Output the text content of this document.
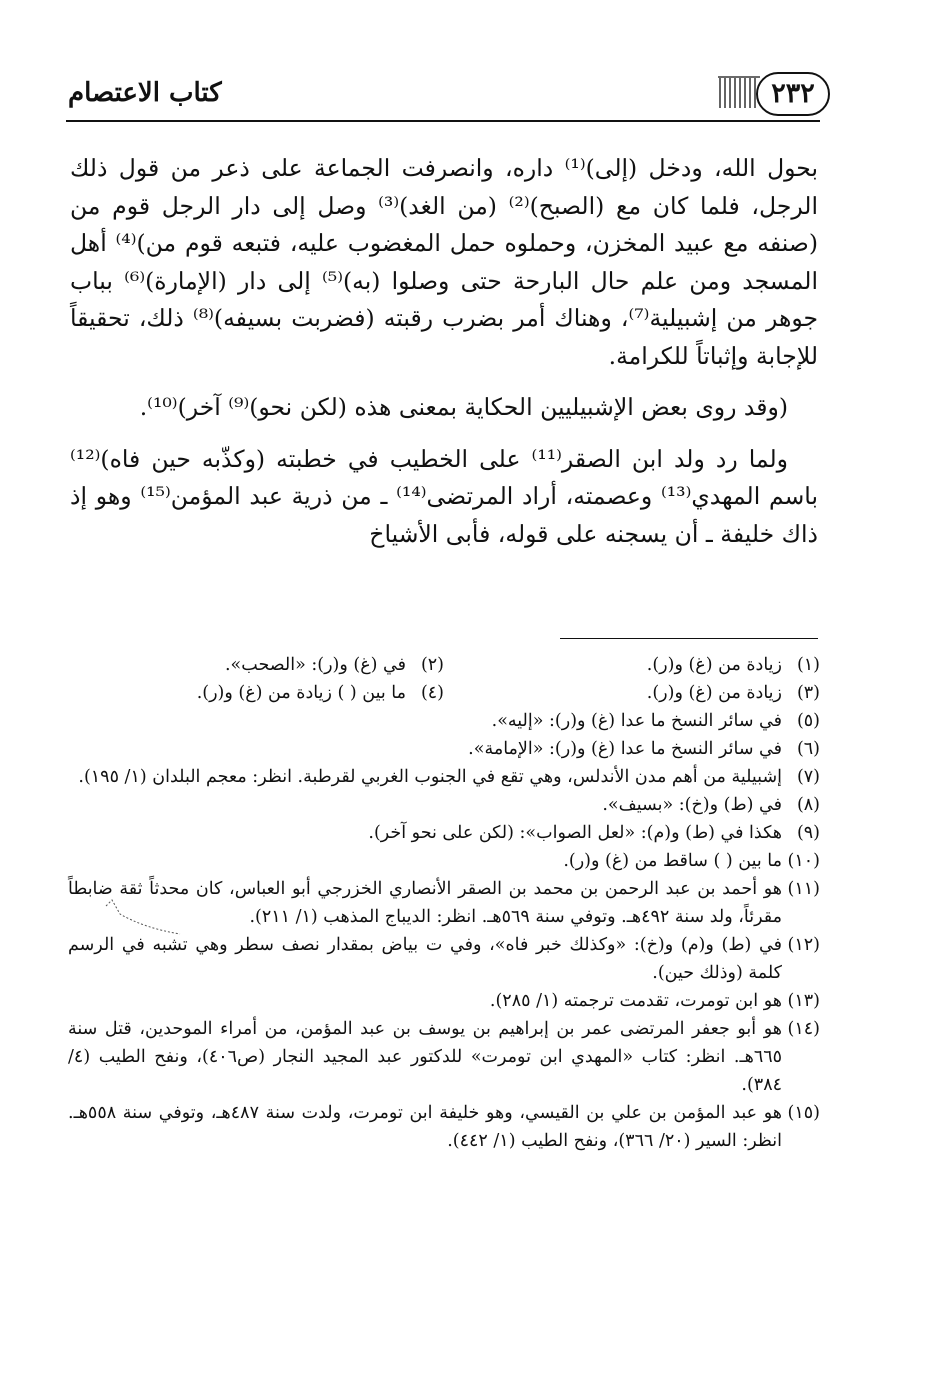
كتاب الاعتصام	٢٣٢

بحول الله، ودخل (إلى)⁽¹⁾ داره، وانصرفت الجماعة على ذعر من قول ذلك الرجل، فلما كان مع (الصبح)⁽²⁾ (من الغد)⁽³⁾ وصل إلى دار الرجل قوم من (صنفه مع عبيد المخزن، وحملوه حمل المغضوب عليه، فتبعه قوم من)⁽⁴⁾ أهل المسجد ومن علم حال البارحة حتى وصلوا (به)⁽⁵⁾ إلى دار (الإمارة)⁽⁶⁾ بباب جوهر من إشبيلية⁽⁷⁾، وهناك أمر بضرب رقبته (فضربت بسيفه)⁽⁸⁾ ذلك، تحقيقاً للإجابة وإثباتاً للكرامة.

(وقد روى بعض الإشبيليين الحكاية بمعنى هذه (لكن نحو)⁽⁹⁾ آخر)⁽¹⁰⁾.

ولما رد ولد ابن الصقر⁽¹¹⁾ على الخطيب في خطبته (وكذّبه حين فاه)⁽¹²⁾ باسم المهدي⁽¹³⁾ وعصمته، أراد المرتضى⁽¹⁴⁾ ـ من ذرية عبد المؤمن⁽¹⁵⁾ وهو إذ ذاك خليفة ـ أن يسجنه على قوله، فأبى الأشياخ

(١)
زيادة من (غ) و(ر).
(٢)
في (غ) و(ر): «الصحب».
(٣)
زيادة من (غ) و(ر).
(٤)
ما بين ( ) زيادة من (غ) و(ر).
(٥)
في سائر النسخ ما عدا (غ) و(ر): «إليه».
(٦)
في سائر النسخ ما عدا (غ) و(ر): «الإمامة».
(٧)
إشبيلية من أهم مدن الأندلس، وهي تقع في الجنوب الغربي لقرطبة. انظر: معجم البلدان (١/ ١٩٥).
(٨)
في (ط) و(خ): «بسيف».
(٩)
هكذا في (ط) و(م): «لعل الصواب»: (لكن على نحو آخر).
(١٠)
ما بين ( ) ساقط من (غ) و(ر).
(١١)
هو أحمد بن عبد الرحمن بن محمد بن الصقر الأنصاري الخزرجي أبو العباس، كان محدثاً ثقة ضابطاً مقرئاً، ولد سنة ٤٩٢هـ. وتوفي سنة ٥٦٩هـ. انظر: الديباج المذهب (١/ ٢١١).
(١٢)
في (ط) و(م) و(خ): «وكذلك خبر فاه»، وفي ت بياض بمقدار نصف سطر وهي تشبه في الرسم كلمة (وذلك حين).
(١٣)
هو ابن تومرت، تقدمت ترجمته (١/ ٢٨٥).
(١٤)
هو أبو جعفر المرتضى عمر بن إبراهيم بن يوسف بن عبد المؤمن، من أمراء الموحدين، قتل سنة ٦٦٥هـ. انظر: كتاب «المهدي ابن تومرت» للدكتور عبد المجيد النجار (ص٤٠٦)، ونفح الطيب (٤/ ٣٨٤).
(١٥)
هو عبد المؤمن بن علي بن القيسي، وهو خليفة ابن تومرت، ولدت سنة ٤٨٧هـ، وتوفي سنة ٥٥٨هـ. انظر: السير (٢٠/ ٣٦٦)، ونفح الطيب (١/ ٤٤٢).
